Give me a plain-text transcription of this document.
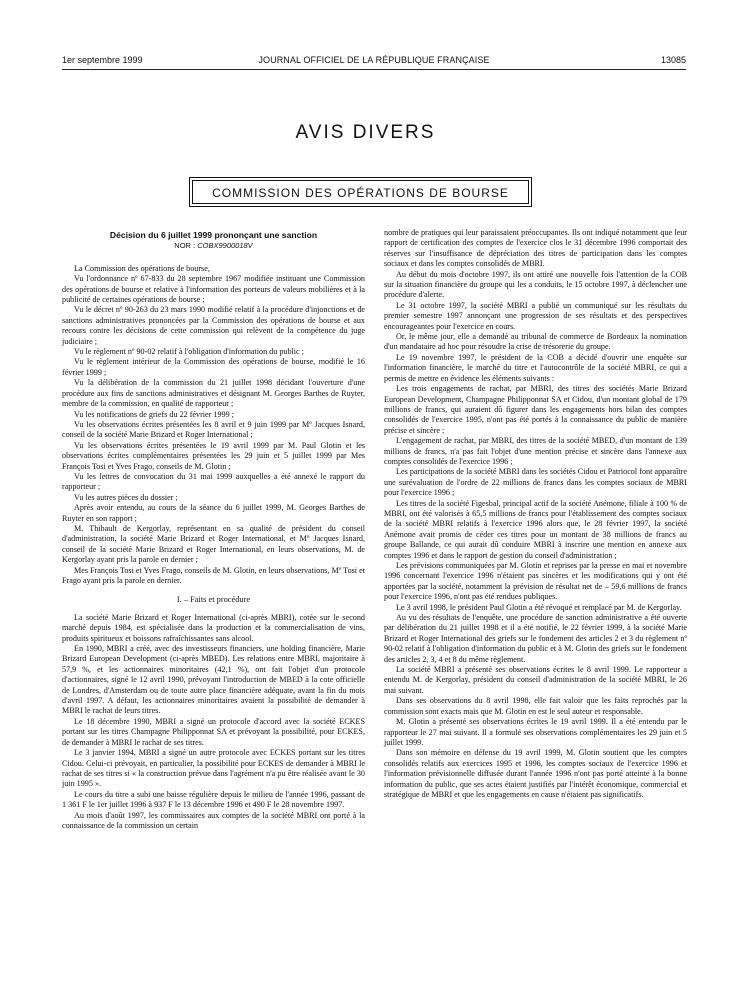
1er septembre 1999	JOURNAL OFFICIEL DE LA RÉPUBLIQUE FRANÇAISE	13085
AVIS DIVERS
COMMISSION DES OPÉRATIONS DE BOURSE
Décision du 6 juillet 1999 prononçant une sanction
NOR : COBX9900018V

La Commission des opérations de bourse,

Vu l'ordonnance nº 67-833 du 28 septembre 1967 modifiée instituant une Commission des opérations de bourse et relative à l'information des porteurs de valeurs mobilières et à la publicité de certaines opérations de bourse ;

Vu le décret nº 90-263 du 23 mars 1990 modifié relatif à la procédure d'injonctions et de sanctions administratives prononcées par la Commission des opérations de bourse et aux recours contre les décisions de cette commission qui relèvent de la compétence du juge judiciaire ;

Vu le règlement nº 90-02 relatif à l'obligation d'information du public ;

Vu le règlement intérieur de la Commission des opérations de bourse, modifié le 16 février 1999 ;

Vu la délibération de la commission du 21 juillet 1998 décidant l'ouverture d'une procédure aux fins de sanctions administratives et désignant M. Georges Barthes de Ruyter, membre de la commission, en qualité de rapporteur ;

Vu les notifications de griefs du 22 février 1999 ;

Vu les observations écrites présentées les 8 avril et 9 juin 1999 par Mº Jacques Isnard, conseil de la société Marie Brizard et Roger International ;

Vu les observations écrites présentées le 19 avril 1999 par M. Paul Glotin et les observations écrites complémentaires présentées les 29 juin et 5 juillet 1999 par Mes François Tosi et Yves Frago, conseils de M. Glotin ;

Vu les lettres de convocation du 31 mai 1999 auxquelles a été annexé le rapport du rapporteur ;

Vu les autres pièces du dossier ;

Après avoir entendu, au cours de la séance du 6 juillet 1999, M. Georges Barthes de Ruyter en son rapport ;

M. Thibault de Kergorlay, représentant en sa qualité de président du conseil d'administration, la société Marie Brizard et Roger International, et Mº Jacques Isnard, conseil de la société Marie Brizard et Roger International, en leurs observations, M. de Kergorlay ayant pris la parole en dernier ;

Mes François Tosi et Yves Frago, conseils de M. Glotin, en leurs observations, Mº Tosi et Frago ayant pris la parole en dernier.

I. – Faits et procédure

La société Marie Brizard et Roger International (ci-après MBRI), cotée sur le second marché depuis 1984, est spécialisée dans la production et la commercialisation de vins, produits spiritueux et boissons rafraîchissantes sans alcool.

En 1990, MBRI a créé, avec des investisseurs financiers, une holding financière, Marie Brizard European Development (ci-après MBED). Les relations entre MBRI, majoritaire à 57,9 %, et les actionnaires minoritaires (42,1 %), ont fait l'objet d'un protocole d'actionnaires, signé le 12 avril 1990, prévoyant l'introduction de MBED à la cote officielle de Londres, d'Amsterdam ou de toute autre place financière adéquate, avant la fin du mois d'avril 1997. A défaut, les actionnaires minoritaires avaient la possibilité de demander à MBRI le rachat de leurs titres.

Le 18 décembre 1990, MBRI a signé un protocole d'accord avec la société ECKES portant sur les titres Champagne Philipponnat SA et prévoyant la possibilité, pour ECKES, de demander à MBRI le rachat de ses titres.

Le 3 janvier 1994, MBRI a signé un autre protocole avec ECKES portant sur les titres Cidou. Celui-ci prévoyait, en particulier, la possibilité pour ECKES de demander à MBRI le rachat de ses titres si « la construction prévue dans l'agrément n'a pu être réalisée avant le 30 juin 1995 ».

Le cours du titre a subi une baisse régulière depuis le milieu de l'année 1996, passant de 1 361 F le 1er juillet 1996 à 937 F le 13 décembre 1996 et 490 F le 28 novembre 1997.

Au mois d'août 1997, les commissaires aux comptes de la société MBRI ont porté à la connaissance de la commission un certain

nombre de pratiques qui leur paraissaient préoccupantes. Ils ont indiqué notamment que leur rapport de certification des comptes de l'exercice clos le 31 décembre 1996 comportait des réserves sur l'insuffisance de dépréciation des titres de participation dans les comptes sociaux et dans les comptes consolidés de MBRI.

Au début du mois d'octobre 1997, ils ont attiré une nouvelle fois l'attention de la COB sur la situation financière du groupe qui les a conduits, le 15 octobre 1997, à déclencher une procédure d'alerte.

Le 31 octobre 1997, la société MBRI a publié un communiqué sur les résultats du premier semestre 1997 annonçant une progression de ses résultats et des perspectives encourageantes pour l'exercice en cours.

Or, le même jour, elle a demandé au tribunal de commerce de Bordeaux la nomination d'un mandataire ad hoc pour résoudre la crise de trésorerie du groupe.

Le 19 novembre 1997, le président de la COB a décidé d'ouvrir une enquête sur l'information financière, le marché du titre et l'autocontrôle de la société MBRI, ce qui a permis de mettre en évidence les éléments suivants :

Les trois engagements de rachat, par MBRI, des titres des sociétés Marie Brizard European Development, Champagne Philipponnat SA et Cidou, d'un montant global de 179 millions de francs, qui auraient dû figurer dans les engagements hors bilan des comptes consolidés de l'exercice 1995, n'ont pas été portés à la connaissance du public de manière précise et sincère ;

L'engagement de rachat, par MBRI, des titres de la société MBED, d'un montant de 139 millions de francs, n'a pas fait l'objet d'une mention précise et sincère dans l'annexe aux comptes consolidés de l'exercice 1996 ;

Les participations de la société MBRI dans les sociétés Cidou et Patriocol font apparaître une surévaluation de l'ordre de 22 millions de francs dans les comptes sociaux de MBRI pour l'exercice 1996 ;

Les titres de la société Figesbal, principal actif de la société Anémone, filiale à 100 % de MBRI, ont été valorisés à 65,5 millions de francs pour l'établissement des comptes sociaux de la société MBRI relatifs à l'exercice 1996 alors que, le 28 février 1997, la société Anémone avait promis de céder ces titres pour un montant de 38 millions de francs au groupe Ballande, ce qui aurait dû conduire MBRI à inscrire une mention en annexe aux comptes 1996 et dans le rapport de gestion du conseil d'administration ;

Les prévisions communiquées par M. Glotin et reprises par la presse en mai et novembre 1996 concernant l'exercice 1996 n'étaient pas sincères et les modifications qui y ont été apportées par la société, notamment la prévision de résultat net de – 59,6 millions de francs pour l'exercice 1996, n'ont pas été rendues publiques.

Le 3 avril 1998, le président Paul Glotin a été révoqué et remplacé par M. de Kergorlay.

Au vu des résultats de l'enquête, une procédure de sanction administrative a été ouverte par délibération du 21 juillet 1998 et il a été notifié, le 22 février 1999, à la société Marie Brizard et Roger International des griefs sur le fondement des articles 2 et 3 du règlement nº 90-02 relatif à l'obligation d'information du public et à M. Glotin des griefs sur le fondement des articles 2, 3, 4 et 8 du même règlement.

La société MBRI a présenté ses observations écrites le 8 avril 1999. Le rapporteur a entendu M. de Kergorlay, président du conseil d'administration de la société MBRI, le 26 mai suivant.

Dans ses observations du 8 avril 1998, elle fait valoir que les faits reprochés par la commission sont exacts mais que M. Glotin en est le seul auteur et responsable.

M. Glotin a présenté ses observations écrites le 19 avril 1999. Il a été entendu par le rapporteur le 27 mai suivant. Il a formulé ses observations complémentaires les 29 juin et 5 juillet 1999.

Dans son mémoire en défense du 19 avril 1999, M. Glotin soutient que les comptes consolidés relatifs aux exercices 1995 et 1996, les comptes sociaux de l'exercice 1996 et l'information prévisionnelle diffusée durant l'année 1996 n'ont pas porté atteinte à la bonne information du public, que ses actes étaient justifiés par l'intérêt économique, commercial et stratégique de MBRI et que les engagements en cause n'étaient pas significatifs.
